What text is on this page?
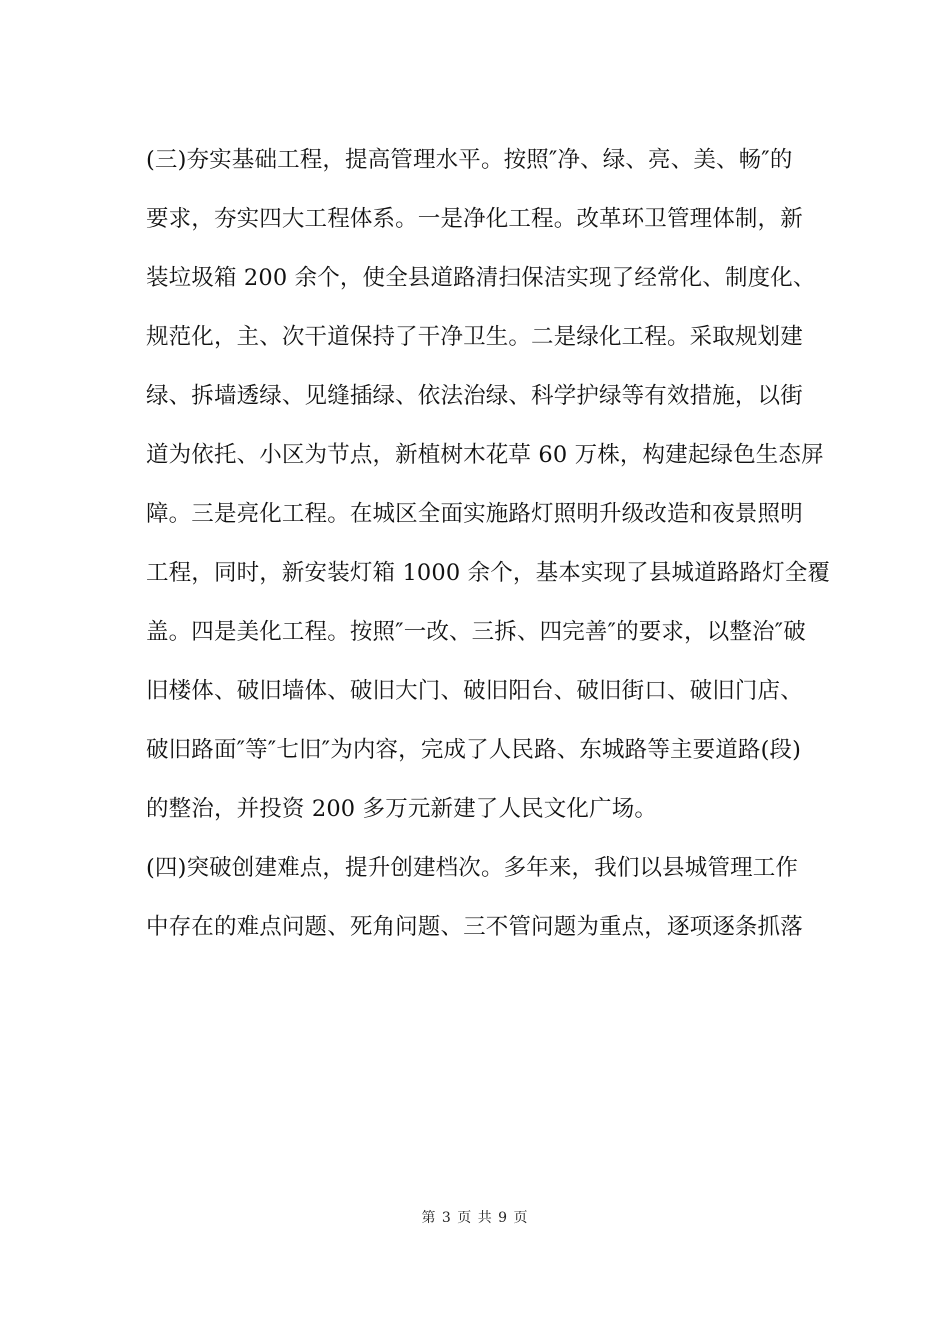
(三)夯实基础工程，提高管理水平。按照″净、绿、亮、美、畅″的
要求，夯实四大工程体系。一是净化工程。改革环卫管理体制，新
装垃圾箱 200 余个，使全县道路清扫保洁实现了经常化、制度化、
规范化，主、次干道保持了干净卫生。二是绿化工程。采取规划建
绿、拆墙透绿、见缝插绿、依法治绿、科学护绿等有效措施，以街
道为依托、小区为节点，新植树木花草 60 万株，构建起绿色生态屏
障。三是亮化工程。在城区全面实施路灯照明升级改造和夜景照明
工程，同时，新安装灯箱 1000 余个，基本实现了县城道路路灯全覆
盖。四是美化工程。按照″一改、三拆、四完善″的要求，以整治″破
旧楼体、破旧墙体、破旧大门、破旧阳台、破旧街口、破旧门店、
破旧路面″等″七旧″为内容，完成了人民路、东城路等主要道路(段)
的整治，并投资 200 多万元新建了人民文化广场。
(四)突破创建难点，提升创建档次。多年来，我们以县城管理工作
中存在的难点问题、死角问题、三不管问题为重点，逐项逐条抓落
第 3 页 共 9 页
